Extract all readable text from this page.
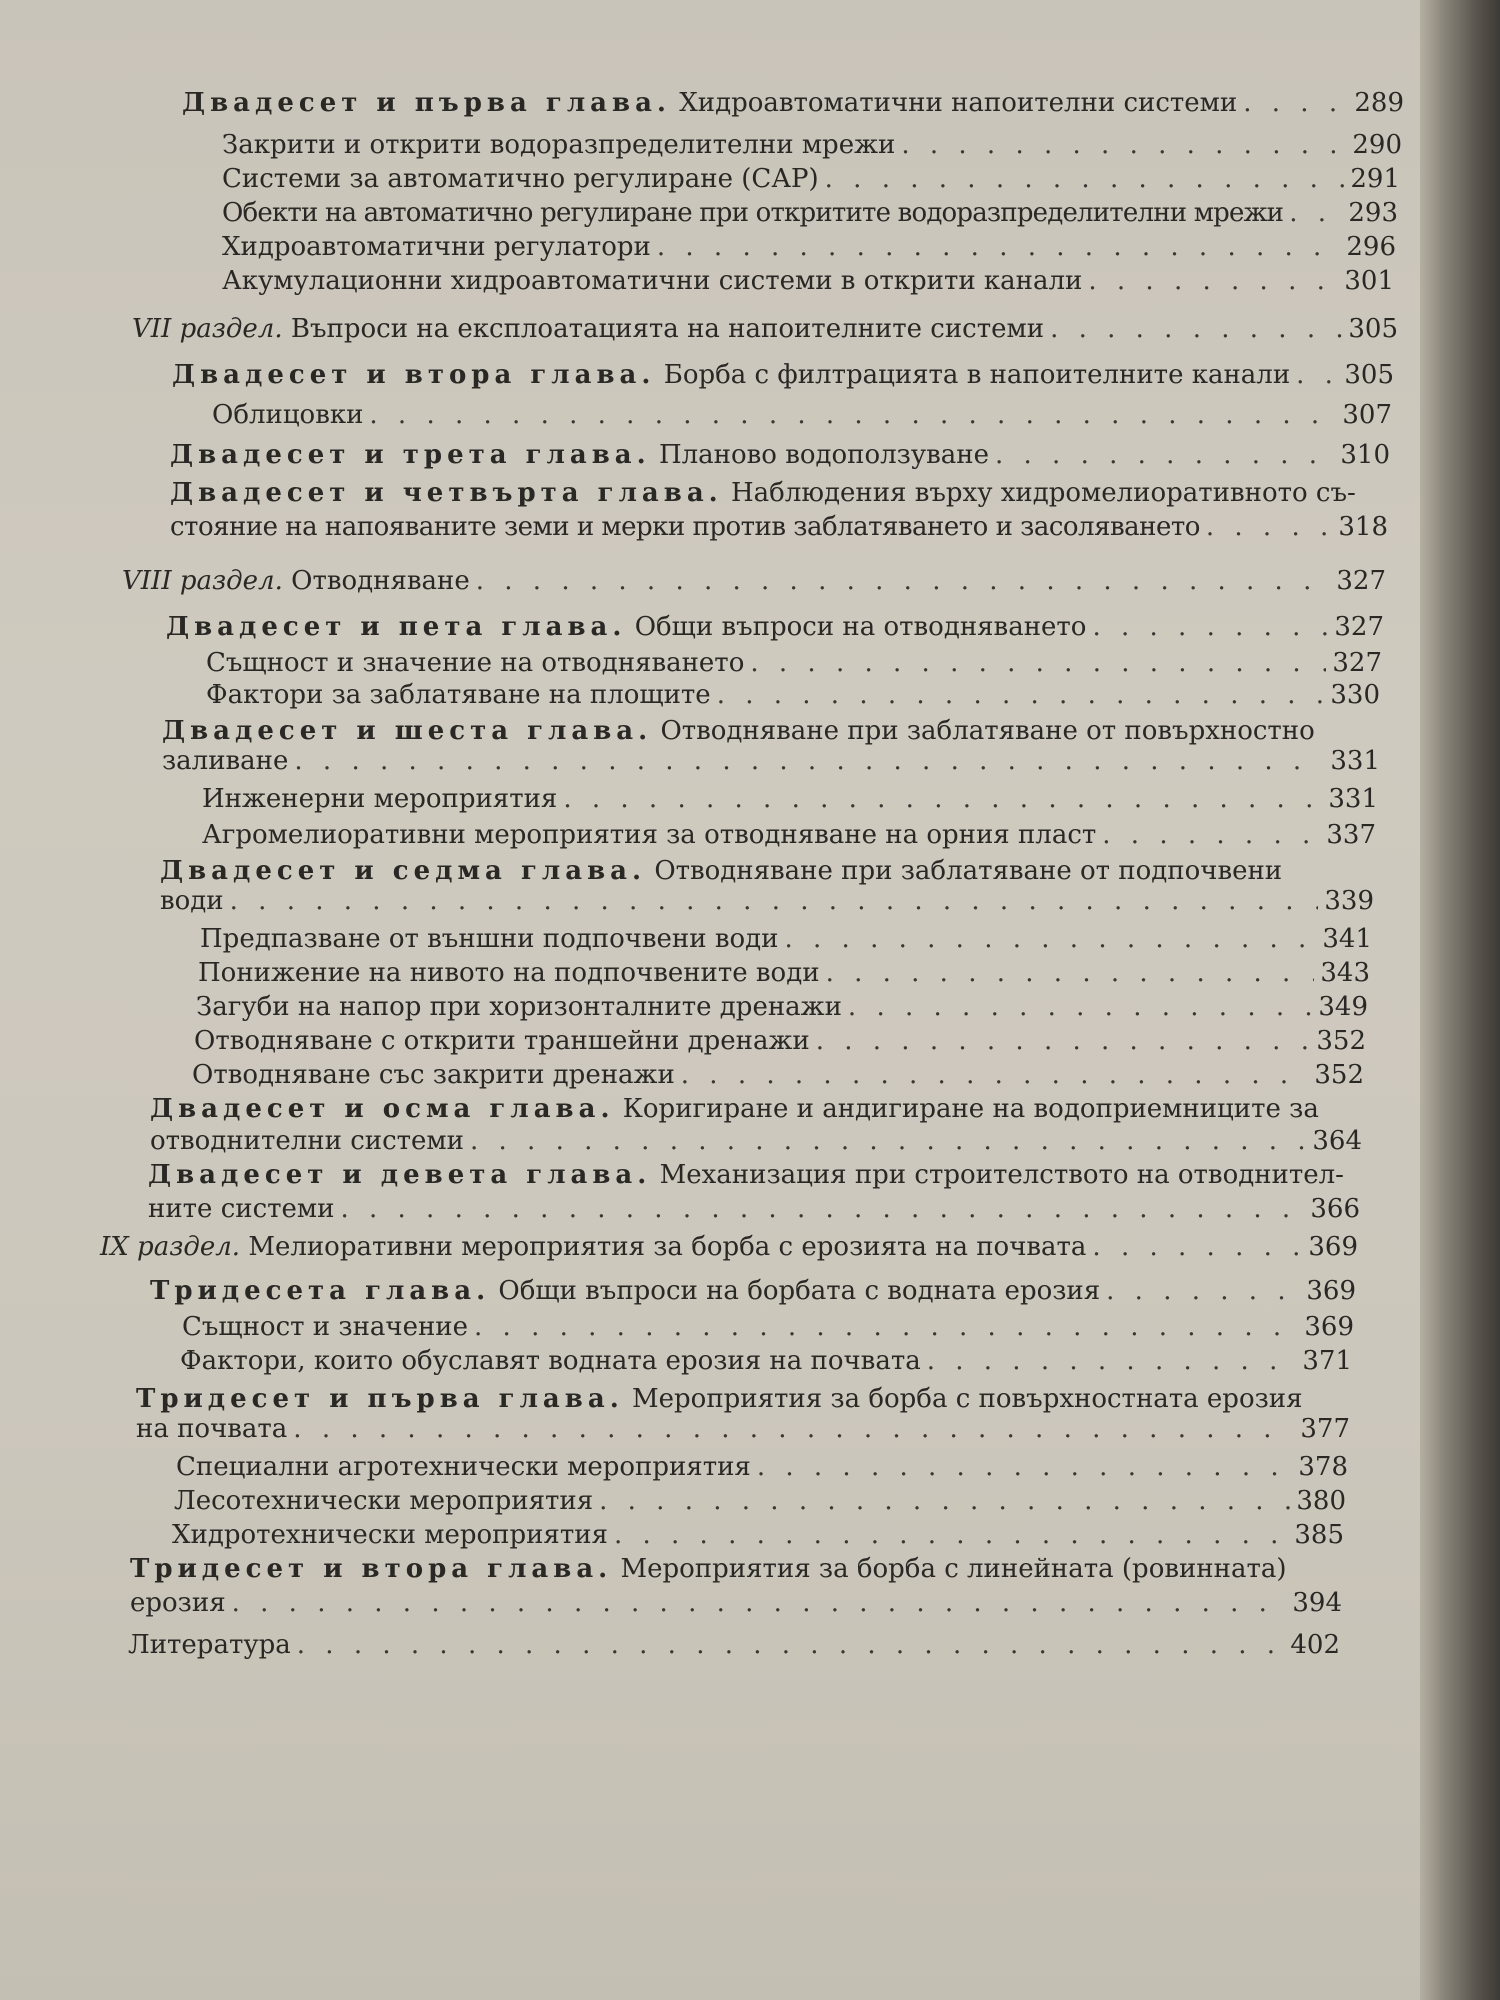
Двадесет и първа глава. Хидроавтоматични напоителни системи . . .	289
Закрити и открити водоразпределителни мрежи . . .	290
Системи за автоматично регулиране (САР) . . .	291
Обекти на автоматично регулиране при откритите водоразпределителни мрежи . . .	293
Хидроавтоматични регулатори . . .	296
Акумулационни хидроавтоматични системи в открити канали . . .	301
VII раздел. Въпроси на експлоатацията на напоителните системи . . .	305
Двадесет и втора глава. Борба с филтрацията в напоителните канали . . . 305
Облицовки . . .	307
Двадесет и трета глава. Планово водоползуване . . .	310
Двадесет и четвърта глава. Наблюдения върху хидромелиоративното съ-
стояние на напояваните земи и мерки против заблатяването и засоляването . . .	318
VIII раздел. Отводняване . . .	327
Двадесет и пета глава. Общи въпроси на отводняването . . .	327
Същност и значение на отводняването . . .	327
Фактори за заблатяване на площите . . .	330
Двадесет и шеста глава. Отводняване при заблатяване от повърхностно
заливане . . .	331
Инженерни мероприятия . . .	331
Агромелиоративни мероприятия за отводняване на орния пласт . . .	337
Двадесет и седма глава. Отводняване при заблатяване от подпочвени
води . . .	339
Предпазване от външни подпочвени води . . .	341
Понижение на нивото на подпочвените води . . .	343
Загуби на напор при хоризонталните дренажи . . .	349
Отводняване с открити траншейни дренажи . . .	352
Отводняване със закрити дренажи . . .	352
Двадесет и осма глава. Коригиране и андигиране на водоприемниците за
отводнителни системи . . .	364
Двадесет и девета глава. Механизация при строителството на отводнител-
ните системи . . .	366
IX раздел. Мелиоративни мероприятия за борба с ерозията на почвата . . .	369
Тридесета глава. Общи въпроси на борбата с водната ерозия . . .	369
Същност и значение . . .	369
Фактори, които обуславят водната ерозия на почвата . . .	371
Тридесет и първа глава. Мероприятия за борба с повърхностната ерозия
на почвата . . .	377
Специални агротехнически мероприятия . . .	378
Лесотехнически мероприятия . . .	380
Хидротехнически мероприятия . . .	385
Тридесет и втора глава. Мероприятия за борба с линейната (ровинната)
ерозия . . .	394
Литература . . .	402
